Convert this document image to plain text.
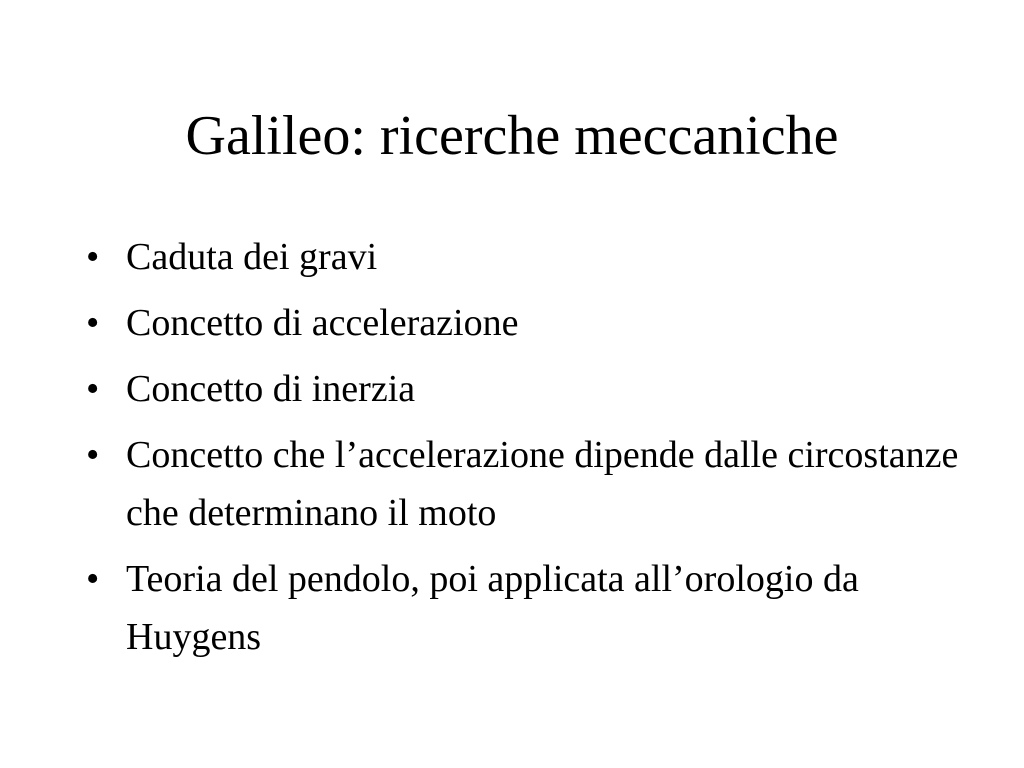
Galileo: ricerche meccaniche
• Caduta dei gravi
• Concetto di accelerazione
• Concetto di inerzia
• Concetto che l’accelerazione dipende dalle circostanze che determinano il moto
• Teoria del pendolo, poi applicata all’orologio da Huygens
